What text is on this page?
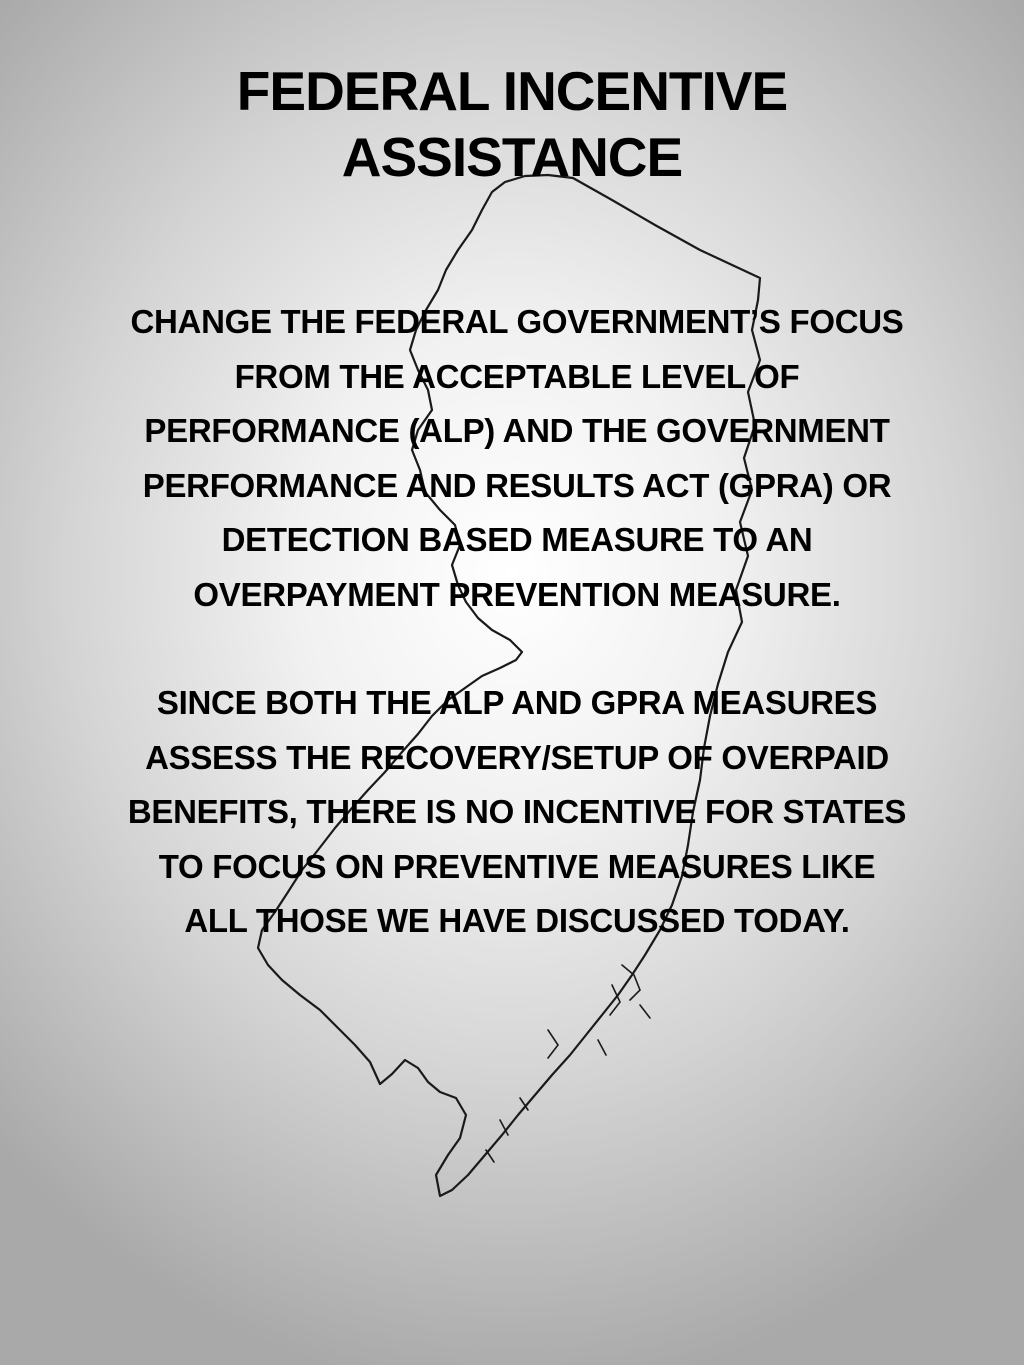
FEDERAL INCENTIVE
ASSISTANCE

CHANGE THE FEDERAL GOVERNMENT’S FOCUS
FROM THE ACCEPTABLE LEVEL OF
PERFORMANCE (ALP) AND THE GOVERNMENT
PERFORMANCE AND RESULTS ACT (GPRA) OR
DETECTION BASED MEASURE TO AN
OVERPAYMENT PREVENTION MEASURE.

SINCE BOTH THE ALP AND GPRA MEASURES
ASSESS THE RECOVERY/SETUP OF OVERPAID
BENEFITS, THERE IS NO INCENTIVE FOR STATES
TO FOCUS ON PREVENTIVE MEASURES LIKE
ALL THOSE WE HAVE DISCUSSED TODAY.
